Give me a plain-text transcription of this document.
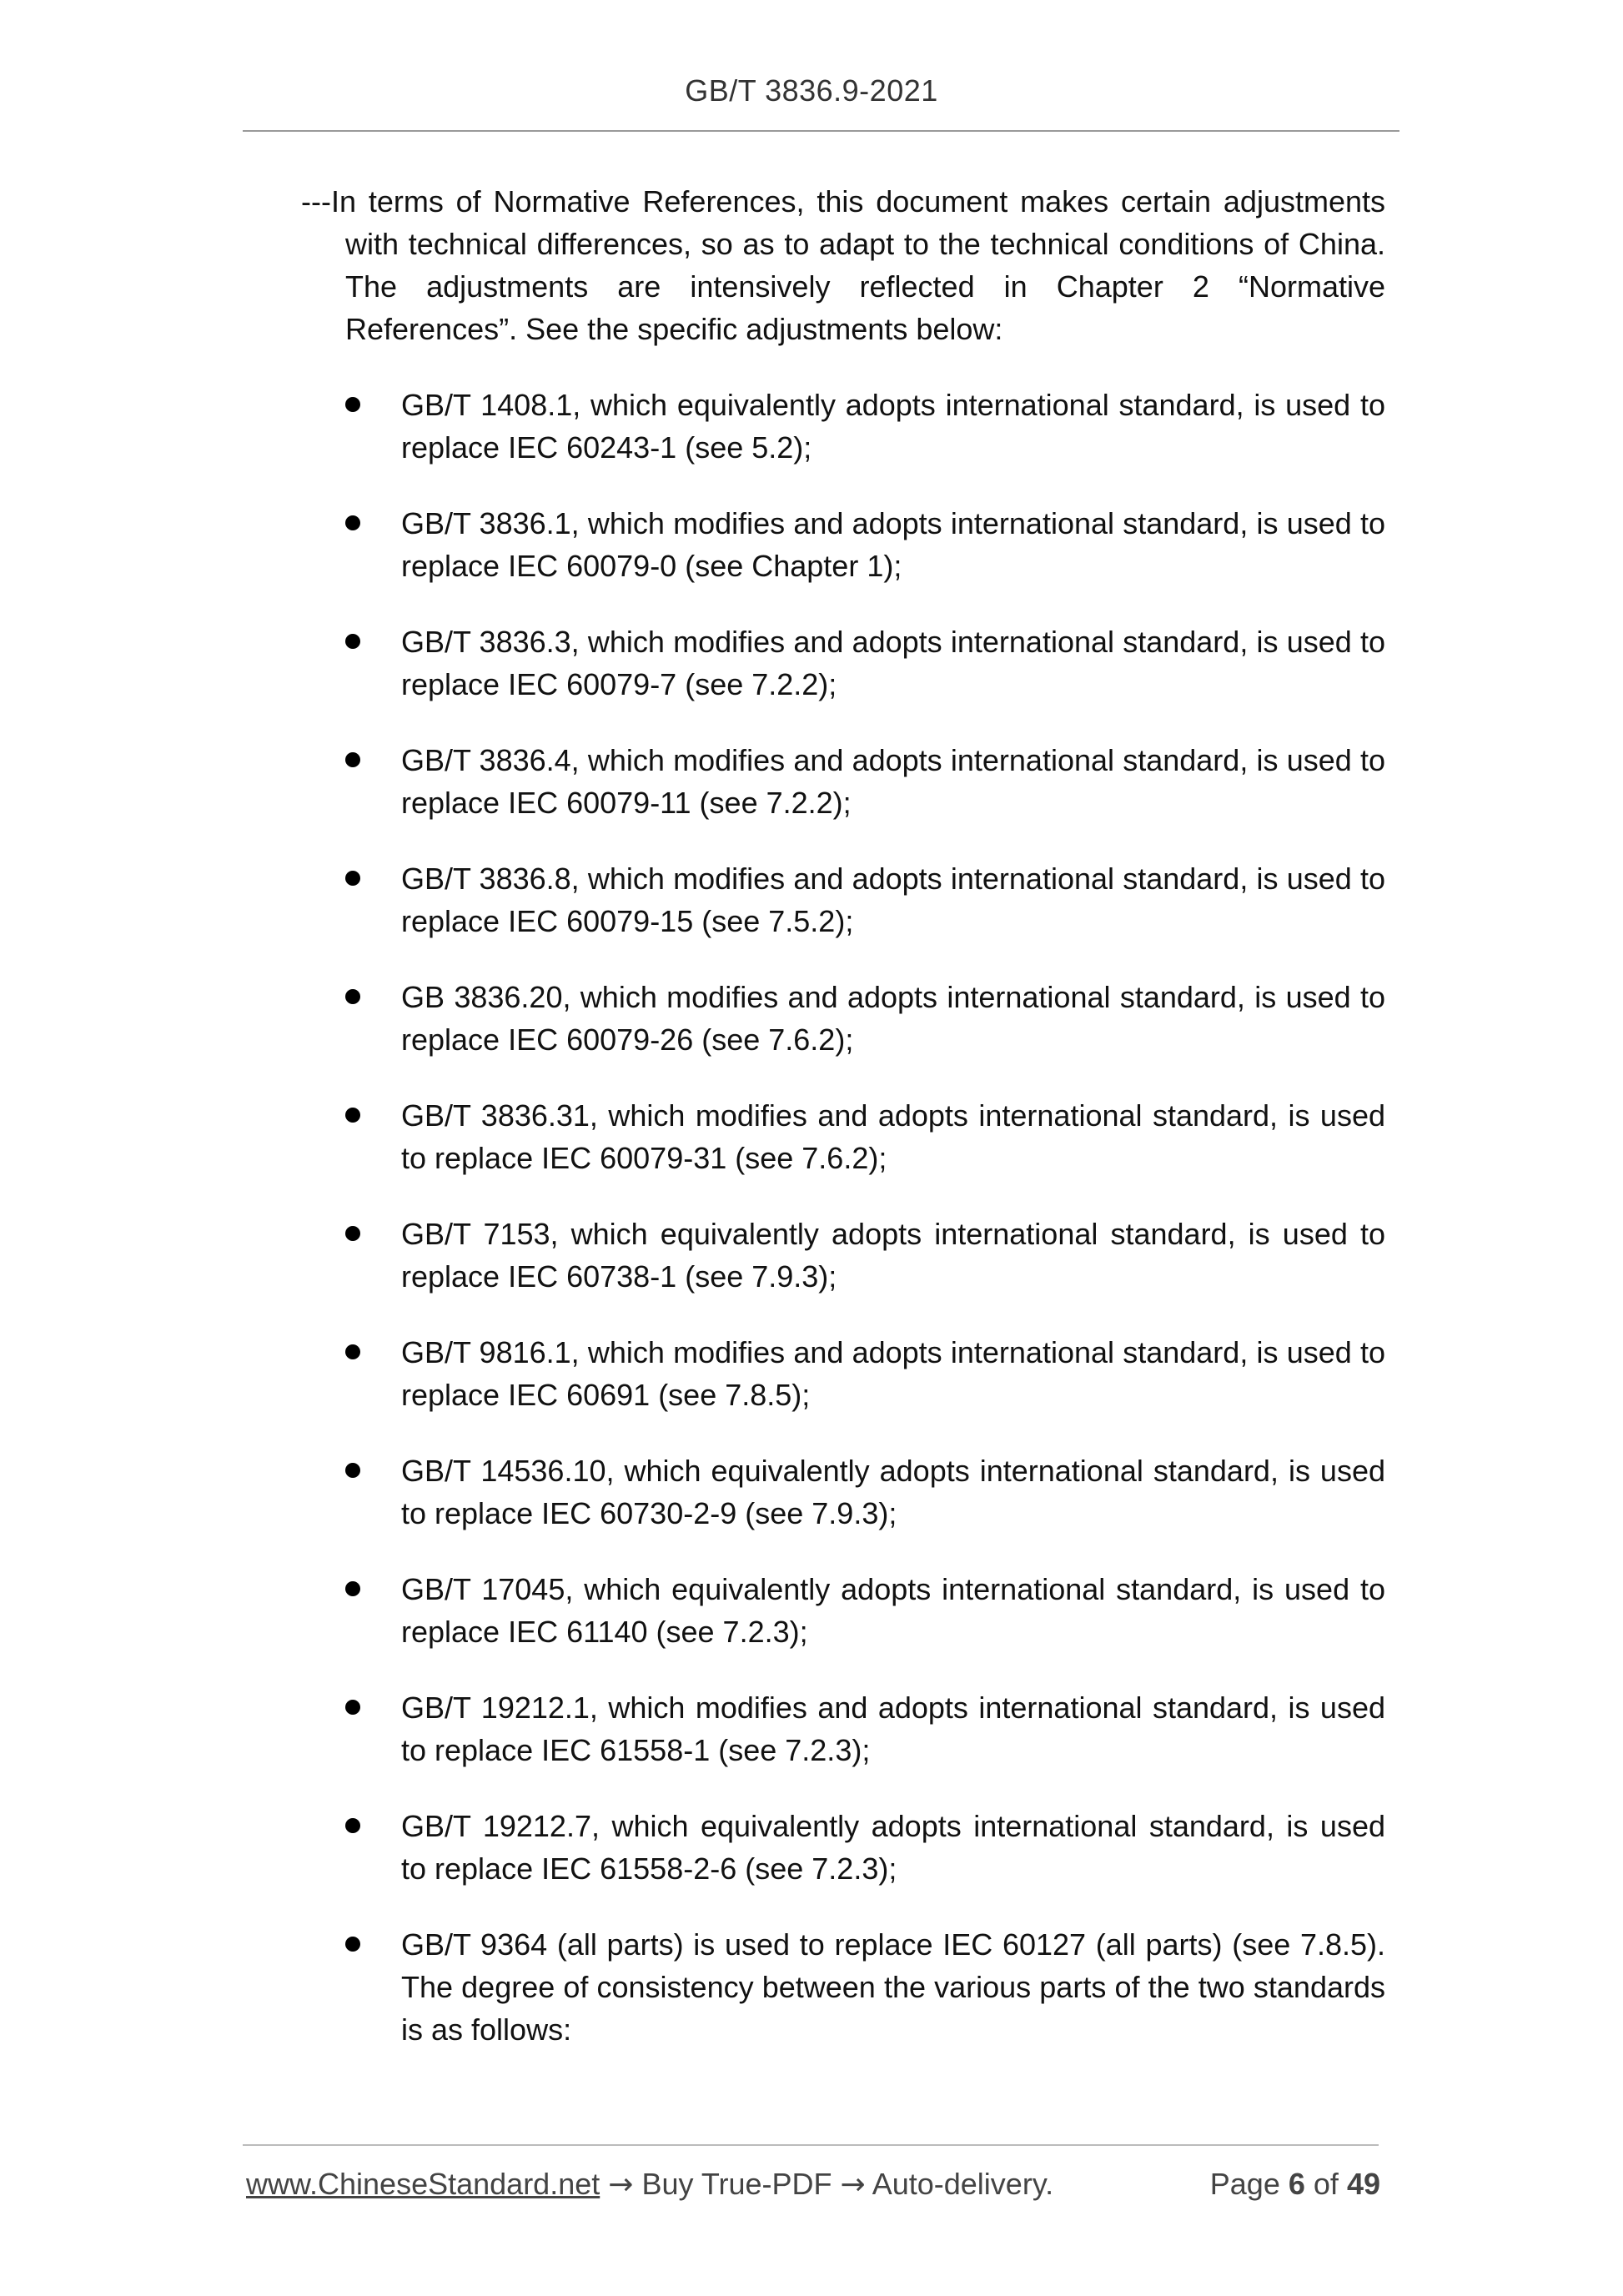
GB/T 3836.9-2021

---In terms of Normative References, this document makes certain adjustments with technical differences, so as to adapt to the technical conditions of China. The adjustments are intensively reflected in Chapter 2 “Normative References”. See the specific adjustments below:

GB/T 1408.1, which equivalently adopts international standard, is used to replace IEC 60243-1 (see 5.2);
GB/T 3836.1, which modifies and adopts international standard, is used to replace IEC 60079-0 (see Chapter 1);
GB/T 3836.3, which modifies and adopts international standard, is used to replace IEC 60079-7 (see 7.2.2);
GB/T 3836.4, which modifies and adopts international standard, is used to replace IEC 60079-11 (see 7.2.2);
GB/T 3836.8, which modifies and adopts international standard, is used to replace IEC 60079-15 (see 7.5.2);
GB 3836.20, which modifies and adopts international standard, is used to replace IEC 60079-26 (see 7.6.2);
GB/T 3836.31, which modifies and adopts international standard, is used to replace IEC 60079-31 (see 7.6.2);
GB/T 7153, which equivalently adopts international standard, is used to replace IEC 60738-1 (see 7.9.3);
GB/T 9816.1, which modifies and adopts international standard, is used to replace IEC 60691 (see 7.8.5);
GB/T 14536.10, which equivalently adopts international standard, is used to replace IEC 60730-2-9 (see 7.9.3);
GB/T 17045, which equivalently adopts international standard, is used to replace IEC 61140 (see 7.2.3);
GB/T 19212.1, which modifies and adopts international standard, is used to replace IEC 61558-1 (see 7.2.3);
GB/T 19212.7, which equivalently adopts international standard, is used to replace IEC 61558-2-6 (see 7.2.3);
GB/T 9364 (all parts) is used to replace IEC 60127 (all parts) (see 7.8.5). The degree of consistency between the various parts of the two standards is as follows:
www.ChineseStandard.net → Buy True-PDF → Auto-delivery.	Page 6 of 49
